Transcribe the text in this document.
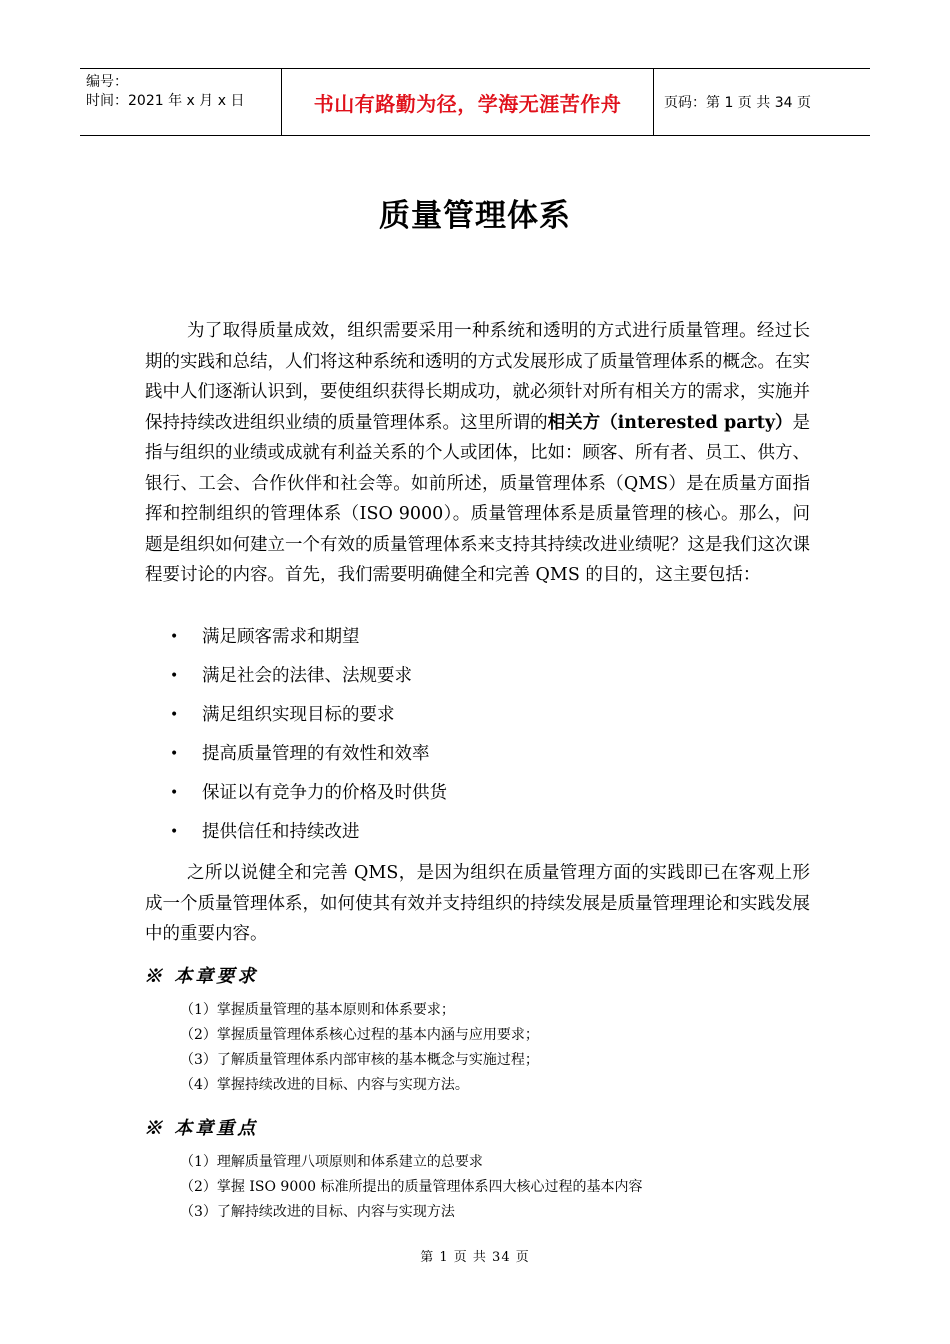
编号：
时间：2021 年 x 月 x 日	书山有路勤为径，学海无涯苦作舟	页码：第 1 页 共 34 页
质量管理体系
为了取得质量成效，组织需要采用一种系统和透明的方式进行质量管理。经过长期的实践和总结，人们将这种系统和透明的方式发展形成了质量管理体系的概念。在实践中人们逐渐认识到，要使组织获得长期成功，就必须针对所有相关方的需求，实施并保持持续改进组织业绩的质量管理体系。这里所谓的相关方（interested party）是指与组织的业绩或成就有利益关系的个人或团体，比如：顾客、所有者、员工、供方、银行、工会、合作伙伴和社会等。如前所述，质量管理体系（QMS）是在质量方面指挥和控制组织的管理体系（ISO 9000）。质量管理体系是质量管理的核心。那么，问题是组织如何建立一个有效的质量管理体系来支持其持续改进业绩呢？这是我们这次课程要讨论的内容。首先，我们需要明确健全和完善 QMS 的目的，这主要包括：
• 满足顾客需求和期望
• 满足社会的法律、法规要求
• 满足组织实现目标的要求
• 提高质量管理的有效性和效率
• 保证以有竞争力的价格及时供货
• 提供信任和持续改进
之所以说健全和完善 QMS，是因为组织在质量管理方面的实践即已在客观上形成一个质量管理体系，如何使其有效并支持组织的持续发展是质量管理理论和实践发展中的重要内容。
※ 本章要求
（1）掌握质量管理的基本原则和体系要求；
（2）掌握质量管理体系核心过程的基本内涵与应用要求；
（3）了解质量管理体系内部审核的基本概念与实施过程；
（4）掌握持续改进的目标、内容与实现方法。
※ 本章重点
（1）理解质量管理八项原则和体系建立的总要求
（2）掌握 ISO 9000 标准所提出的质量管理体系四大核心过程的基本内容
（3）了解持续改进的目标、内容与实现方法
第 1 页 共 34 页
